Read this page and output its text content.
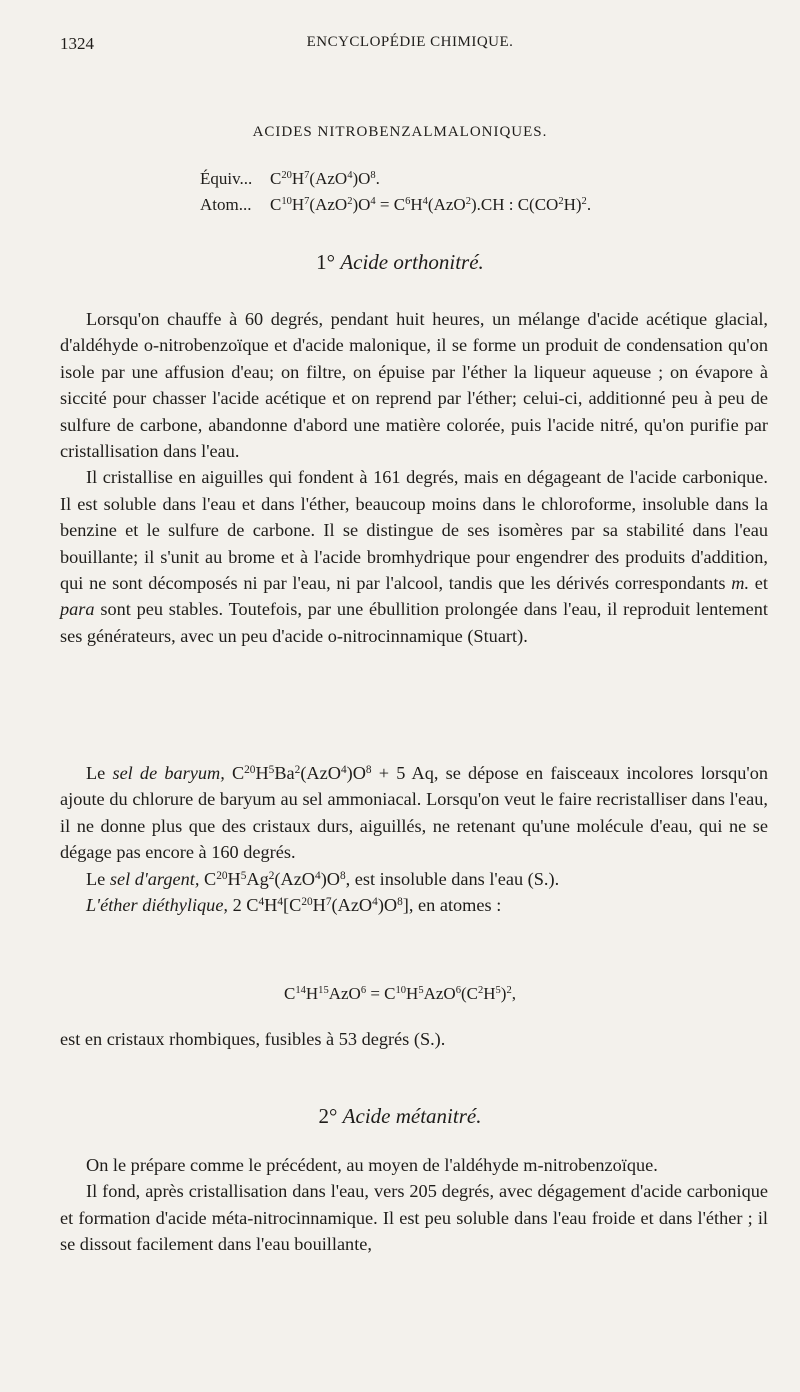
1324	ENCYCLOPÉDIE CHIMIQUE.
ACIDES NITROBENZALMALONIQUES.
Équiv... $C^{20}H^7(AzO^4)O^8$.
Atom... $C^{10}H^7(AzO^2)O^4 = C^6H^4(AzO^2).CH$ : $C(CO^2H)^2$.
1° Acide orthonitré.

Lorsqu'on chauffe à 60 degrés, pendant huit heures, un mélange d'acide acétique glacial, d'aldéhyde o-nitrobenzoïque et d'acide malonique, il se forme un produit de condensation qu'on isole par une affusion d'eau; on filtre, on épuise par l'éther la liqueur aqueuse ; on évapore à siccité pour chasser l'acide acétique et on reprend par l'éther; celui-ci, additionné peu à peu de sulfure de carbone, abandonne d'abord une matière colorée, puis l'acide nitré, qu'on purifie par cristallisation dans l'eau.

Il cristallise en aiguilles qui fondent à 161 degrés, mais en dégageant de l'acide carbonique. Il est soluble dans l'eau et dans l'éther, beaucoup moins dans le chloroforme, insoluble dans la benzine et le sulfure de carbone. Il se distingue de ses isomères par sa stabilité dans l'eau bouillante; il s'unit au brome et à l'acide bromhydrique pour engendrer des produits d'addition, qui ne sont décomposés ni par l'eau, ni par l'alcool, tandis que les dérivés correspondants m. et para sont peu stables. Toutefois, par une ébullition prolongée dans l'eau, il reproduit lentement ses générateurs, avec un peu d'acide o-nitrocinnamique (Stuart).

Le sel de baryum, $C^{20}H^5Ba^2(AzO^4)O^8 + 5$ Aq, se dépose en faisceaux incolores lorsqu'on ajoute du chlorure de baryum au sel ammoniacal. Lorsqu'on veut le faire recristalliser dans l'eau, il ne donne plus que des cristaux durs, aiguillés, ne retenant qu'une molécule d'eau, qui ne se dégage pas encore à 160 degrés.

Le sel d'argent, $C^{20}H^5Ag^2(AzO^4)O^8$, est insoluble dans l'eau (S.).

L'éther diéthylique, 2 $C^4H^4[C^{20}H^7(AzO^4)O^8]$, en atomes :

$C^{14}H^{15}AzO^6 = C^{10}H^5AzO^6(C^2H^5)^2$,

est en cristaux rhombiques, fusibles à 53 degrés (S.).

2° Acide métanitré.

On le prépare comme le précédent, au moyen de l'aldéhyde m-nitrobenzoïque.

Il fond, après cristallisation dans l'eau, vers 205 degrés, avec dégagement d'acide carbonique et formation d'acide méta-nitrocinnamique. Il est peu soluble dans l'eau froide et dans l'éther ; il se dissout facilement dans l'eau bouillante,
